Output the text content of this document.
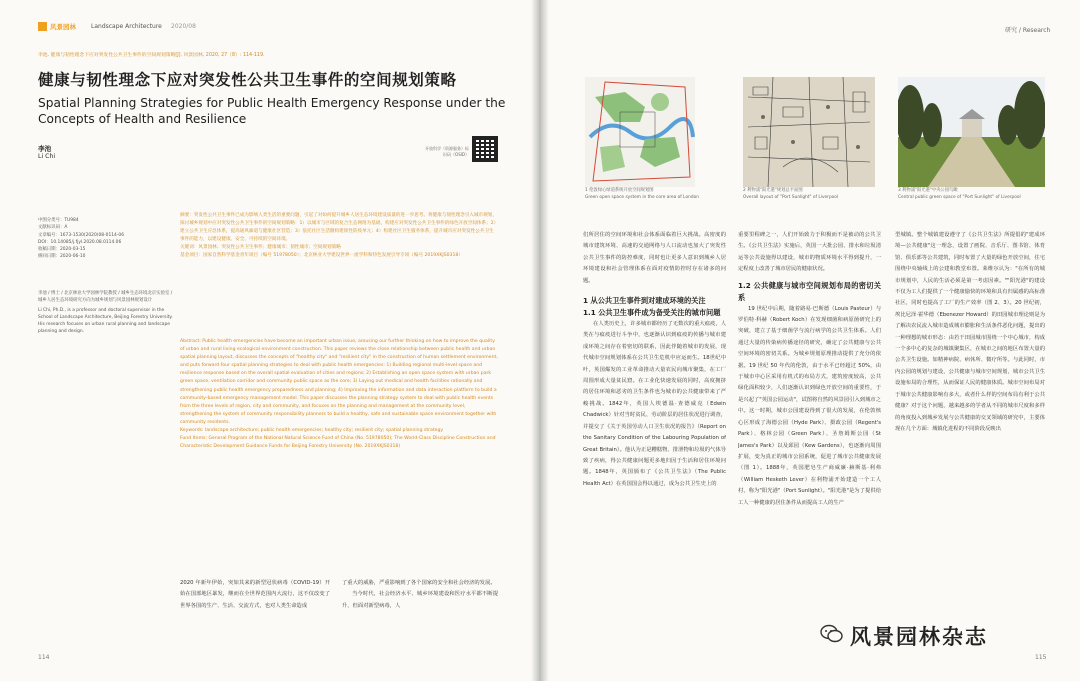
风景园林	Landscape Architecture 2020/08
李池. 健康与韧性理念下应对突发性公共卫生事件的空间规划策略[J]. 风景园林, 2020, 27（8）: 114-119.
健康与韧性理念下应对突发性公共卫生事件的空间规划策略
Spatial Planning Strategies for Public Health Emergency Response under the Concepts of Health and Resilience
李池
Li Chi
开放科学（资源服务）标识码（OSID）
中图分类号：TU984
文献标识码：A
文章编号：1673-1530(2020)08-0114-06
DOI：10.14085/j.fjyl.2020.08.0114.06
收稿日期：2020-03-15
修回日期：2020-06-10
李池 / 博士 / 北京林业大学园林学院教授 / 城乡生态环境北京实验室 / 城乡人居生态环境研究方向为城乡规划与风景园林规划设计
Li Chi, Ph.D., is a professor and doctoral supervisor in the School of Landscape Architecture, Beijing Forestry University. His research focuses on urban rural planning and landscape planning and design.
摘要：突发性公共卫生事件已成为影响人类生活的重要问题，引起了对如何提升城乡人居生态环境建设质量的进一步思考。将健康与韧性理念引入城市规划，探讨城乡规划中应对突发性公共卫生事件的空间规划策略：1）以城市与区域的复合生态网络为基础，构建应对突发性公共卫生事件的绿色开放空间体系；2）建立公共卫生应急体系，提高通风廊道与健康社区营造；3）依托社区生活圈构建韧性防疫单元；4）构建社区卫生服务体系，提升城市应对突发性公共卫生事件的能力，以建设健康、安全、可持续的空间环境。
关键词：风景园林；突发性公共卫生事件；健康城市；韧性城市；空间规划策略
基金项目：国家自然科学基金青年项目（编号 51978050）；北京林业大学建设世界一流学科和特色发展引导专项（编号 2019XKJS0318）
Abstract: Public health emergencies have become an important urban issue, arousing our further thinking on how to improve the quality of urban and rural living ecological environment construction. This paper reviews the close relationship between public health and urban spatial planning layout, discusses the concepts of "healthy city" and "resilient city" in the construction of human settlement environment, and puts forward four spatial planning strategies to deal with public health emergencies: 1) Building regional multi-level space and resilience response based on the overall spatial evaluation of cities and regions; 2) Establishing an open space system with urban park green space, ventilation corridor and community public space as the core; 3) Laying out medical and health facilities rationally and strengthening public health emergency preparedness and planning; 4) Improving the information and data interaction platform to build a community-based emergency management model. This paper discusses the planning strategy system to deal with public health events from the three levels of region, city and community, and focuses on the planning and management at the community level, strengthening the system of community responsibility planners to build a healthy, safe and sustainable space environment together with community residents.
Keywords: landscape architecture; public health emergencies; healthy city; resilient city; spatial planning strategy
Fund Items: General Program of the National Natural Science Fund of China (No. 51978050); The World-Class Discipline Construction and Characteristic Development Guidance Funds for Beijing Forestry University (No. 2019XKJS0318)
2020 年新年伊始，突如其来的新型冠状病毒（COVID-19）开始在国部地区暴发，继而在全世界范围内大流行，这不仅改变了世界各国的生产、生活、交流方式，也对人类生命造成
了重大的威胁，严重影响到了各个国家的安全和社会经济的发展。
当今时代，社会经济水平、城乡环境建设和医疗水平都不断提升，但面对新型病毒，人
114
研究 / Research
1 伦敦绿心绿道系统开放空间规划图
Green open space system in the core area of London
2 利物浦"阳光港"规划总平面图
Overall layout of "Port Sunlight" of Liverpool
3 利物浦"阳光港"中央公园鸟瞰
Central public green space of "Port Sunlight" of Liverpool
们所居住的空间环境和社会体系面临着巨大挑战。高密度的城市建筑环境、高速的交通网络与人口流动也加大了突发性公共卫生事件的防控难度，同时也让更多人意识到城乡人居环境建设和社会管理体系在面对疫情防控时存在诸多的问题。
1 从公共卫生事件到对建成环境的关注
1.1 公共卫生事件成为备受关注的城市问题
在人类历史上，许多城市都经历了无数次的重大瘟疫，人类在与瘟疫进行斗争中，也逐渐认识到瘟疫的传播与城市建成环境之间存在着密切的联系，因此伴随着城市的发展，现代城市空间规划体系在公共卫生危机中应运而生。18世纪中叶，英国爆发的工业革命推动大量农民向城市聚集，在工厂周围形成大量贫民窟。在工业化快速发展的同时，高度拥挤的居住环境和恶劣的卫生条件也为城市的公共健康带来了严峻挑战。1842年，英国人埃德温·查德威克（Edwin Chadwick）针对当时贫民、劳动阶层的居住状况进行调查，并提交了《关于英国劳动人口卫生状况的报告》（Report on the Sanitary Condition of the Labouring Population of Great Britain）。他认为正是糟糕物、排泄物和垃圾的气体导致了疾病，得公共健康问题更多地归因于生活和居住环境问题。1848年，英国颁布了《公共卫生法》（The Public Health Act）在英国国会得以通过，成为公共卫生史上的
重要里程碑之一，人们开始致力于积极而不是被动的公共卫生。《公共卫生法》实施后，英国一大批公园、排水和垃圾清运等公共设施得以建设，城市的物质环境水平得到提升，一定程度上改善了城市居民的健康状况。
1.2 公共健康与城市空间规划布局的密切关系
19 世纪中后期，随着路易·巴斯德（Louis Pasteur）与罗伯特·科赫（Robert Koch）在发现细菌和病原菌研究上的突破，建立了基于细菌学与流行病学的公共卫生体系。人们通过大量的传染病传播途径的研究，确定了公共健康与公共空间环境的密切关系。为城乡规划原理推动提供了充分的依据。19 世纪 50 年代的伦敦，由于水平已经超过 50%，由于城市中心区采用有机式的布局方式，建筑密度较高，公共绿化面积较少，人们逐渐认识到绿色开放空间的重要性，于是兴起了"英国公园运动"，试图将自然的风景园引入到城市之中。这一时期，城市公园建设得到了很大的发展，在伦敦核心区形成了海德公园（Hyde Park）、摄政公园（Regent's Park）、格林公园（Green Park）、圣詹姆斯公园（St James's Park）以及邱园（Kew Gardens），也逐渐向周围扩展，变为真正的城市公园系统，促进了城市公共健康发展（图 1）。1888年，英国肥皂生产商威廉·赫斯基·利弗（William Hesketh Lever）在利物浦开始建造一个工人村，称为"阳光港"（Port Sunlight）。"阳光港"是为了提供给工人一种健康的居住条件从而提高工人的生产
型城镇。整个城镇建设遵守了《公共卫生法》所提倡的"建成环境—公共健康"这一理念，设置了画院、音乐厅、图书馆、体育馆、俱乐部等公共建筑，同时布置了大量的绿色开放空间，住宅围绕中央轴线上的公建和教堂布置。莱维尔认为："在所有的城市规划中，人民的生活必须是第一考虑因素。""阳光港"的建设不仅为工人们提供了一个健康愉快的环境和具有归属感的高标准社区，同时也提高了工厂的生产效率（图 2、3）。20 世纪初，埃比尼泽·霍华德（Ebenezer Howard）的田园城市理论则是为了解决农民流入城市造成城市膨胀和生活条件恶化问题，提出的一种理想的城市形态：由若干田园城市围绕一个中心城市，构成一个多中心的复杂的城镇聚集区，在城市之间的地区布置大量的公共卫生设施。如精神病院、病休所、微疗所等。与此同时，市内公园的规划与建设，公共健康与城市空间规划，城市公共卫生设施布局的合理性，从而保证人民的健康体质。城市空间布局对于城市公共健康影响有多大，或者什么样的空间布局有利于公共健康？对于这个问题，越来越多的学者从不同的城市尺度和多样的角度投入到城乡发展与公共健康的交叉领域的研究中，主要体现在几个方面：城镇化进程的不同阶段反映出
115
风景园林杂志
